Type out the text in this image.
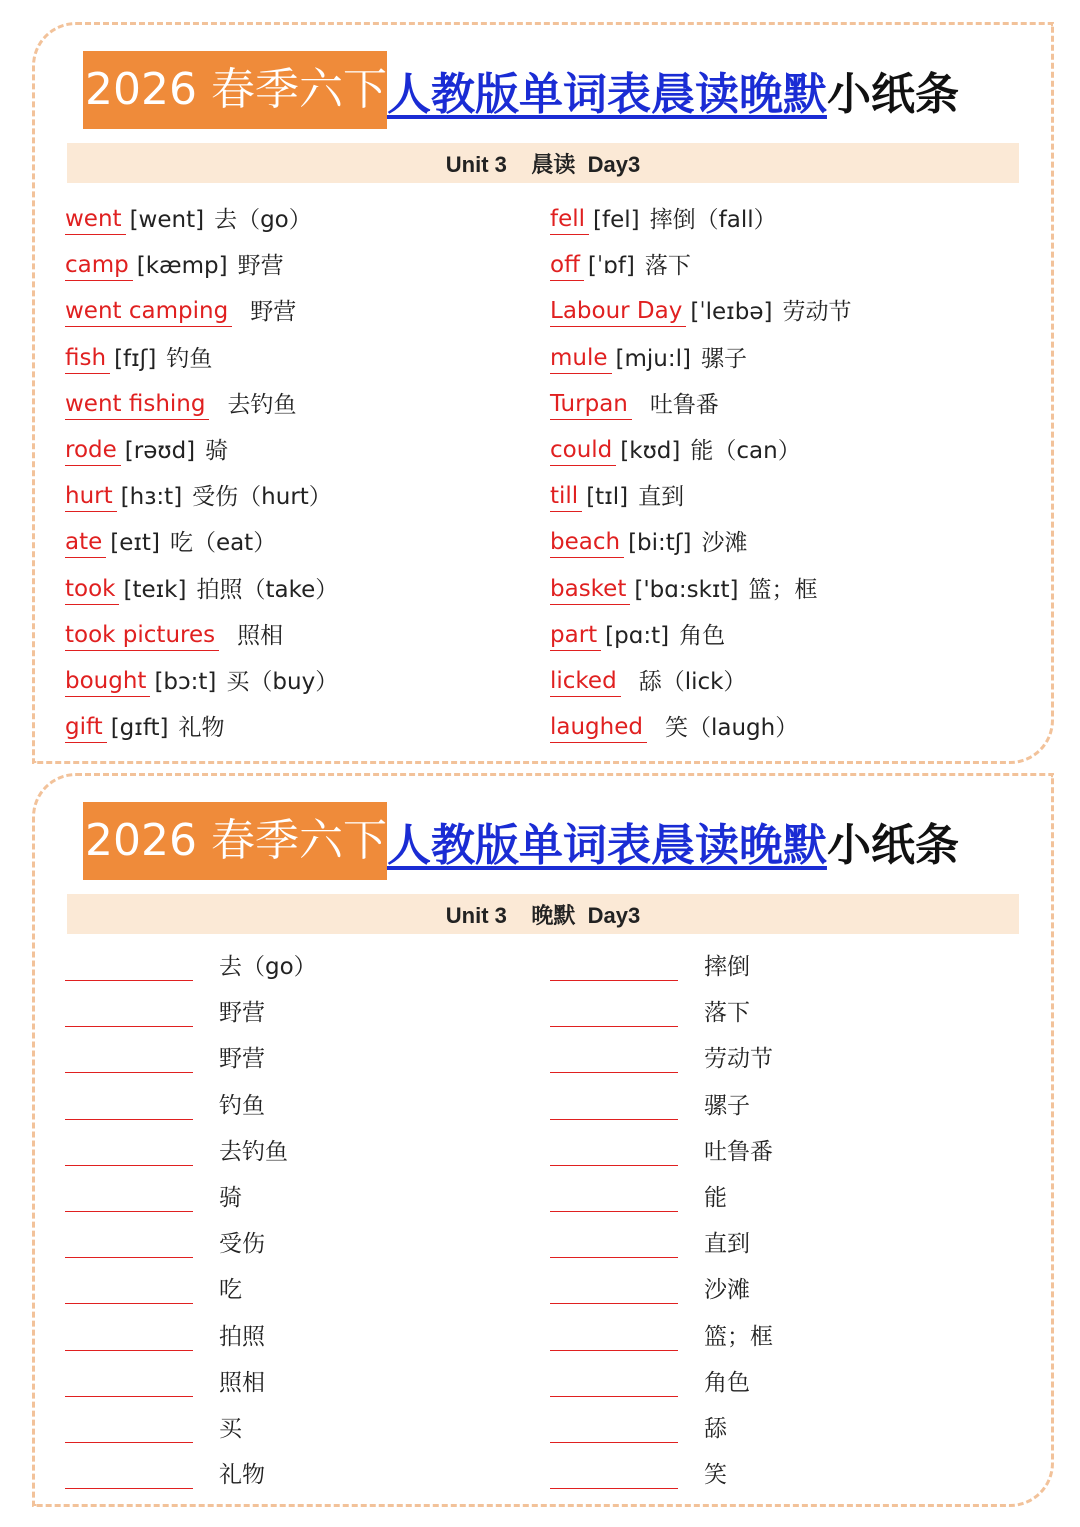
2026 春季六下 人教版单词表晨读晚默 小纸条
Unit 3    晨读  Day3
went [went] 去（go）
camp [kæmp] 野营
went camping 野营
fish [fɪʃ] 钓鱼
went fishing 去钓鱼
rode [rəʊd] 骑
hurt [hɜ:t] 受伤（hurt）
ate [eɪt] 吃（eat）
took [teɪk] 拍照（take）
took pictures 照相
bought [bɔ:t] 买（buy）
gift [gɪft] 礼物
fell [fel] 摔倒（fall）
off [ˈɒf] 落下
Labour Day [ˈleɪbə] 劳动节
mule [mju:l] 骡子
Turpan 吐鲁番
could [kʊd] 能（can）
till [tɪl] 直到
beach [bi:tʃ] 沙滩
basket ['bɑ:skɪt] 篮；框
part [pɑ:t] 角色
licked 舔（lick）
laughed 笑（laugh）
2026 春季六下 人教版单词表晨读晚默 小纸条
Unit 3    晚默  Day3
去（go）
野营
野营
钓鱼
去钓鱼
骑
受伤
吃
拍照
照相
买
礼物
摔倒
落下
劳动节
骡子
吐鲁番
能
直到
沙滩
篮；框
角色
舔
笑
